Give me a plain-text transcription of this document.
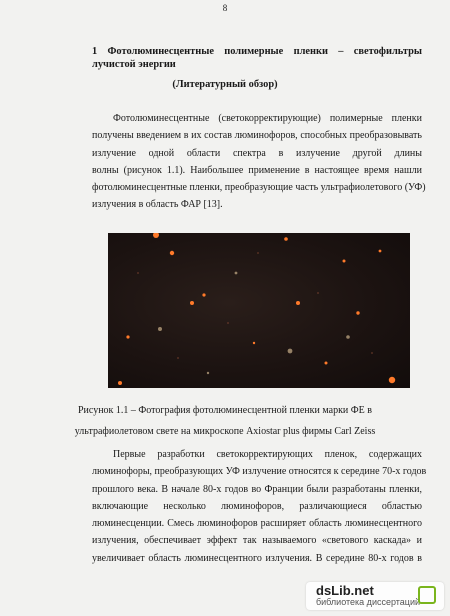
8
1 Фотолюминесцентные полимерные пленки – светофильтры
лучистой энергии
(Литературный обзор)
Фотолюминесцентные (светокорректирующие) полимерные пленки
получены введением в их состав люминофоров, способных преобразовывать
излучение одной области спектра в излучение другой длины
волны (рисунок 1.1). Наибольшее применение в настоящее время нашли
фотолюминесцентные пленки, преобразующие часть ультрафиолетового (УФ)
излучения в область ФАР [13].
Рисунок 1.1 – Фотография фотолюминесцентной пленки марки ФЕ в
ультрафиолетовом свете на микроскопе Axiostar plus фирмы Carl Zeiss
Первые разработки светокорректирующих пленок, содержащих
люминофоры, преобразующих УФ излучение относятся к середине 70-х годов
прошлого века. В начале 80-х годов во Франции были разработаны пленки,
включающие несколько люминофоров, различающиеся областью
люминесценции. Смесь люминофоров расширяет область люминесцентного
излучения, обеспечивает эффект так называемого «светового каскада» и
увеличивает область люминесцентного излучения. В середине 80-х годов в
dsLib.net
библиотека диссертаций
